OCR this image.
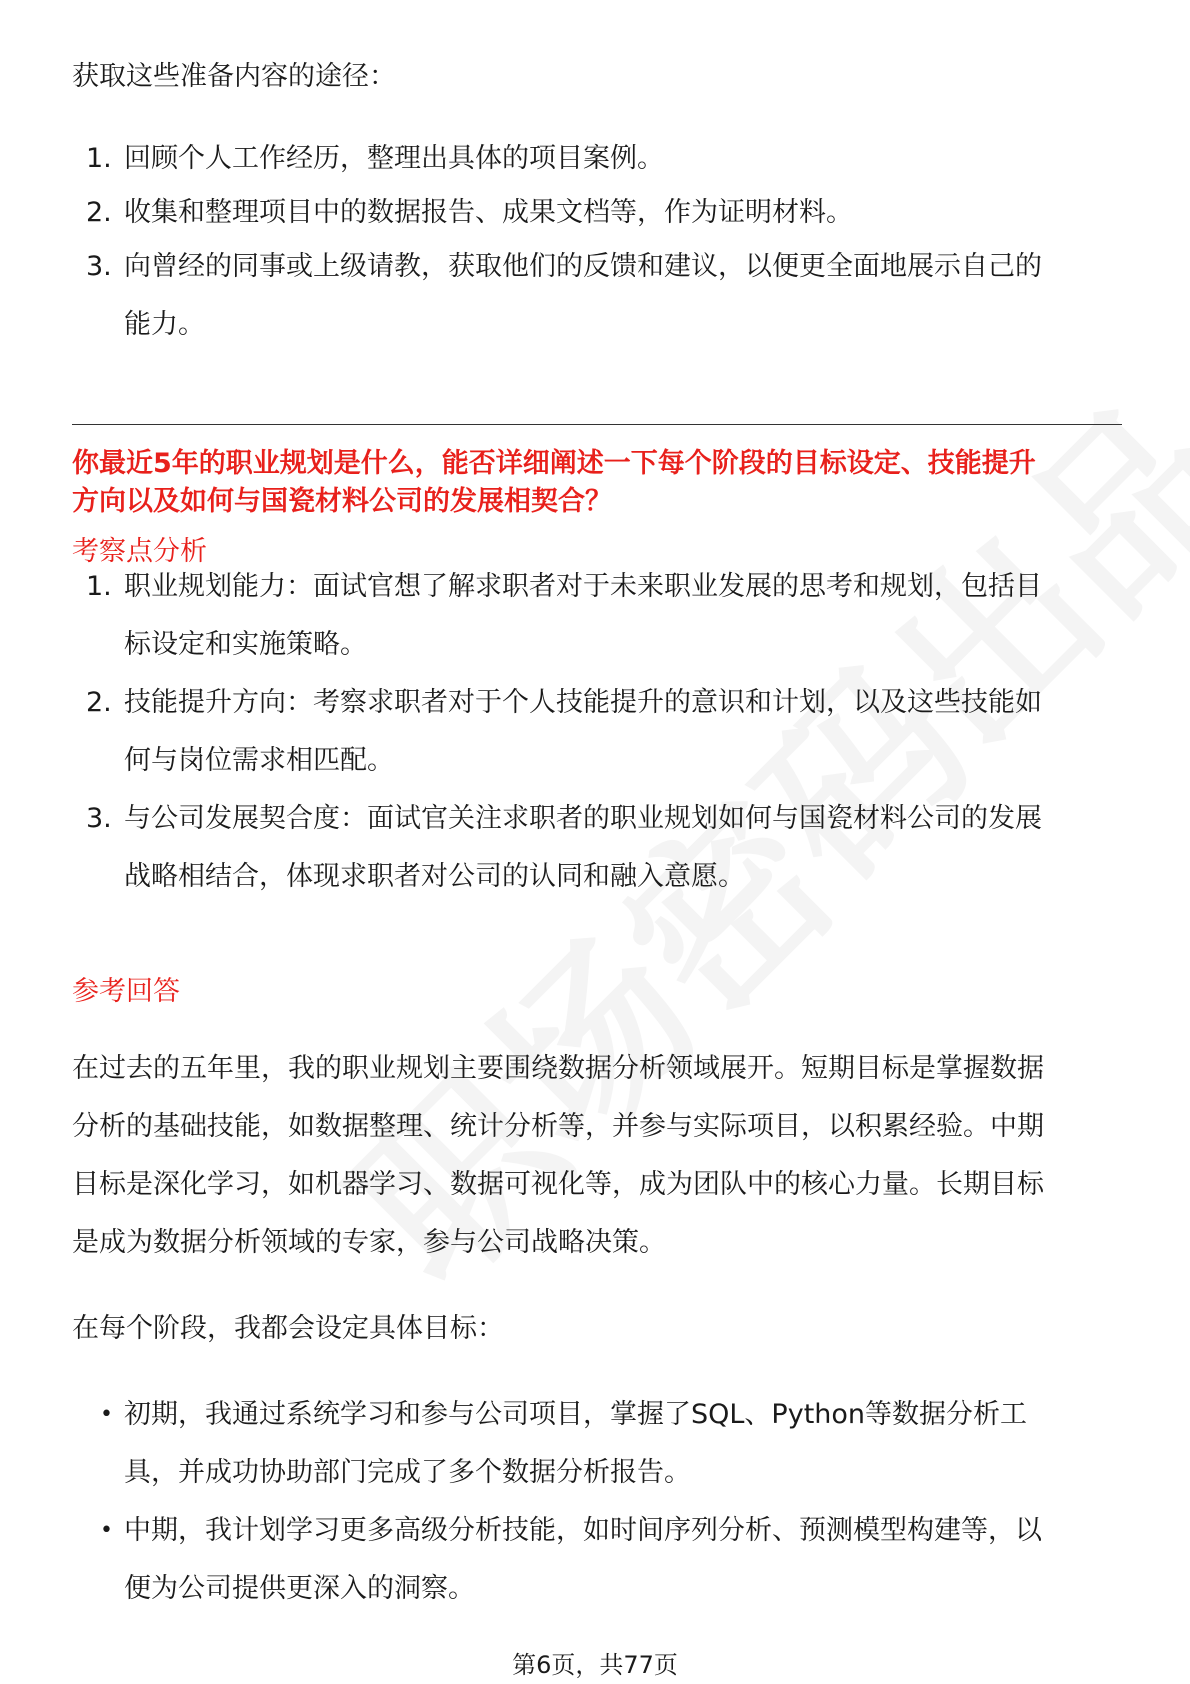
获取这些准备内容的途径：

1. 回顾个人工作经历，整理出具体的项目案例。
2. 收集和整理项目中的数据报告、成果文档等，作为证明材料。
3. 向曾经的同事或上级请教，获取他们的反馈和建议，以便更全面地展示自己的
能力。
你最近5年的职业规划是什么，能否详细阐述一下每个阶段的目标设定、技能提升
方向以及如何与国瓷材料公司的发展相契合？
考察点分析
1. 职业规划能力：面试官想了解求职者对于未来职业发展的思考和规划，包括目
标设定和实施策略。
2. 技能提升方向：考察求职者对于个人技能提升的意识和计划，以及这些技能如
何与岗位需求相匹配。
3. 与公司发展契合度：面试官关注求职者的职业规划如何与国瓷材料公司的发展
战略相结合，体现求职者对公司的认同和融入意愿。
参考回答

在过去的五年里，我的职业规划主要围绕数据分析领域展开。短期目标是掌握数据

分析的基础技能，如数据整理、统计分析等，并参与实际项目，以积累经验。中期

目标是深化学习，如机器学习、数据可视化等，成为团队中的核心力量。长期目标

是成为数据分析领域的专家，参与公司战略决策。

在每个阶段，我都会设定具体目标：

• 初期，我通过系统学习和参与公司项目，掌握了SQL、Python等数据分析工
具，并成功协助部门完成了多个数据分析报告。
• 中期，我计划学习更多高级分析技能，如时间序列分析、预测模型构建等，以
便为公司提供更深入的洞察。
第6页，共77页
